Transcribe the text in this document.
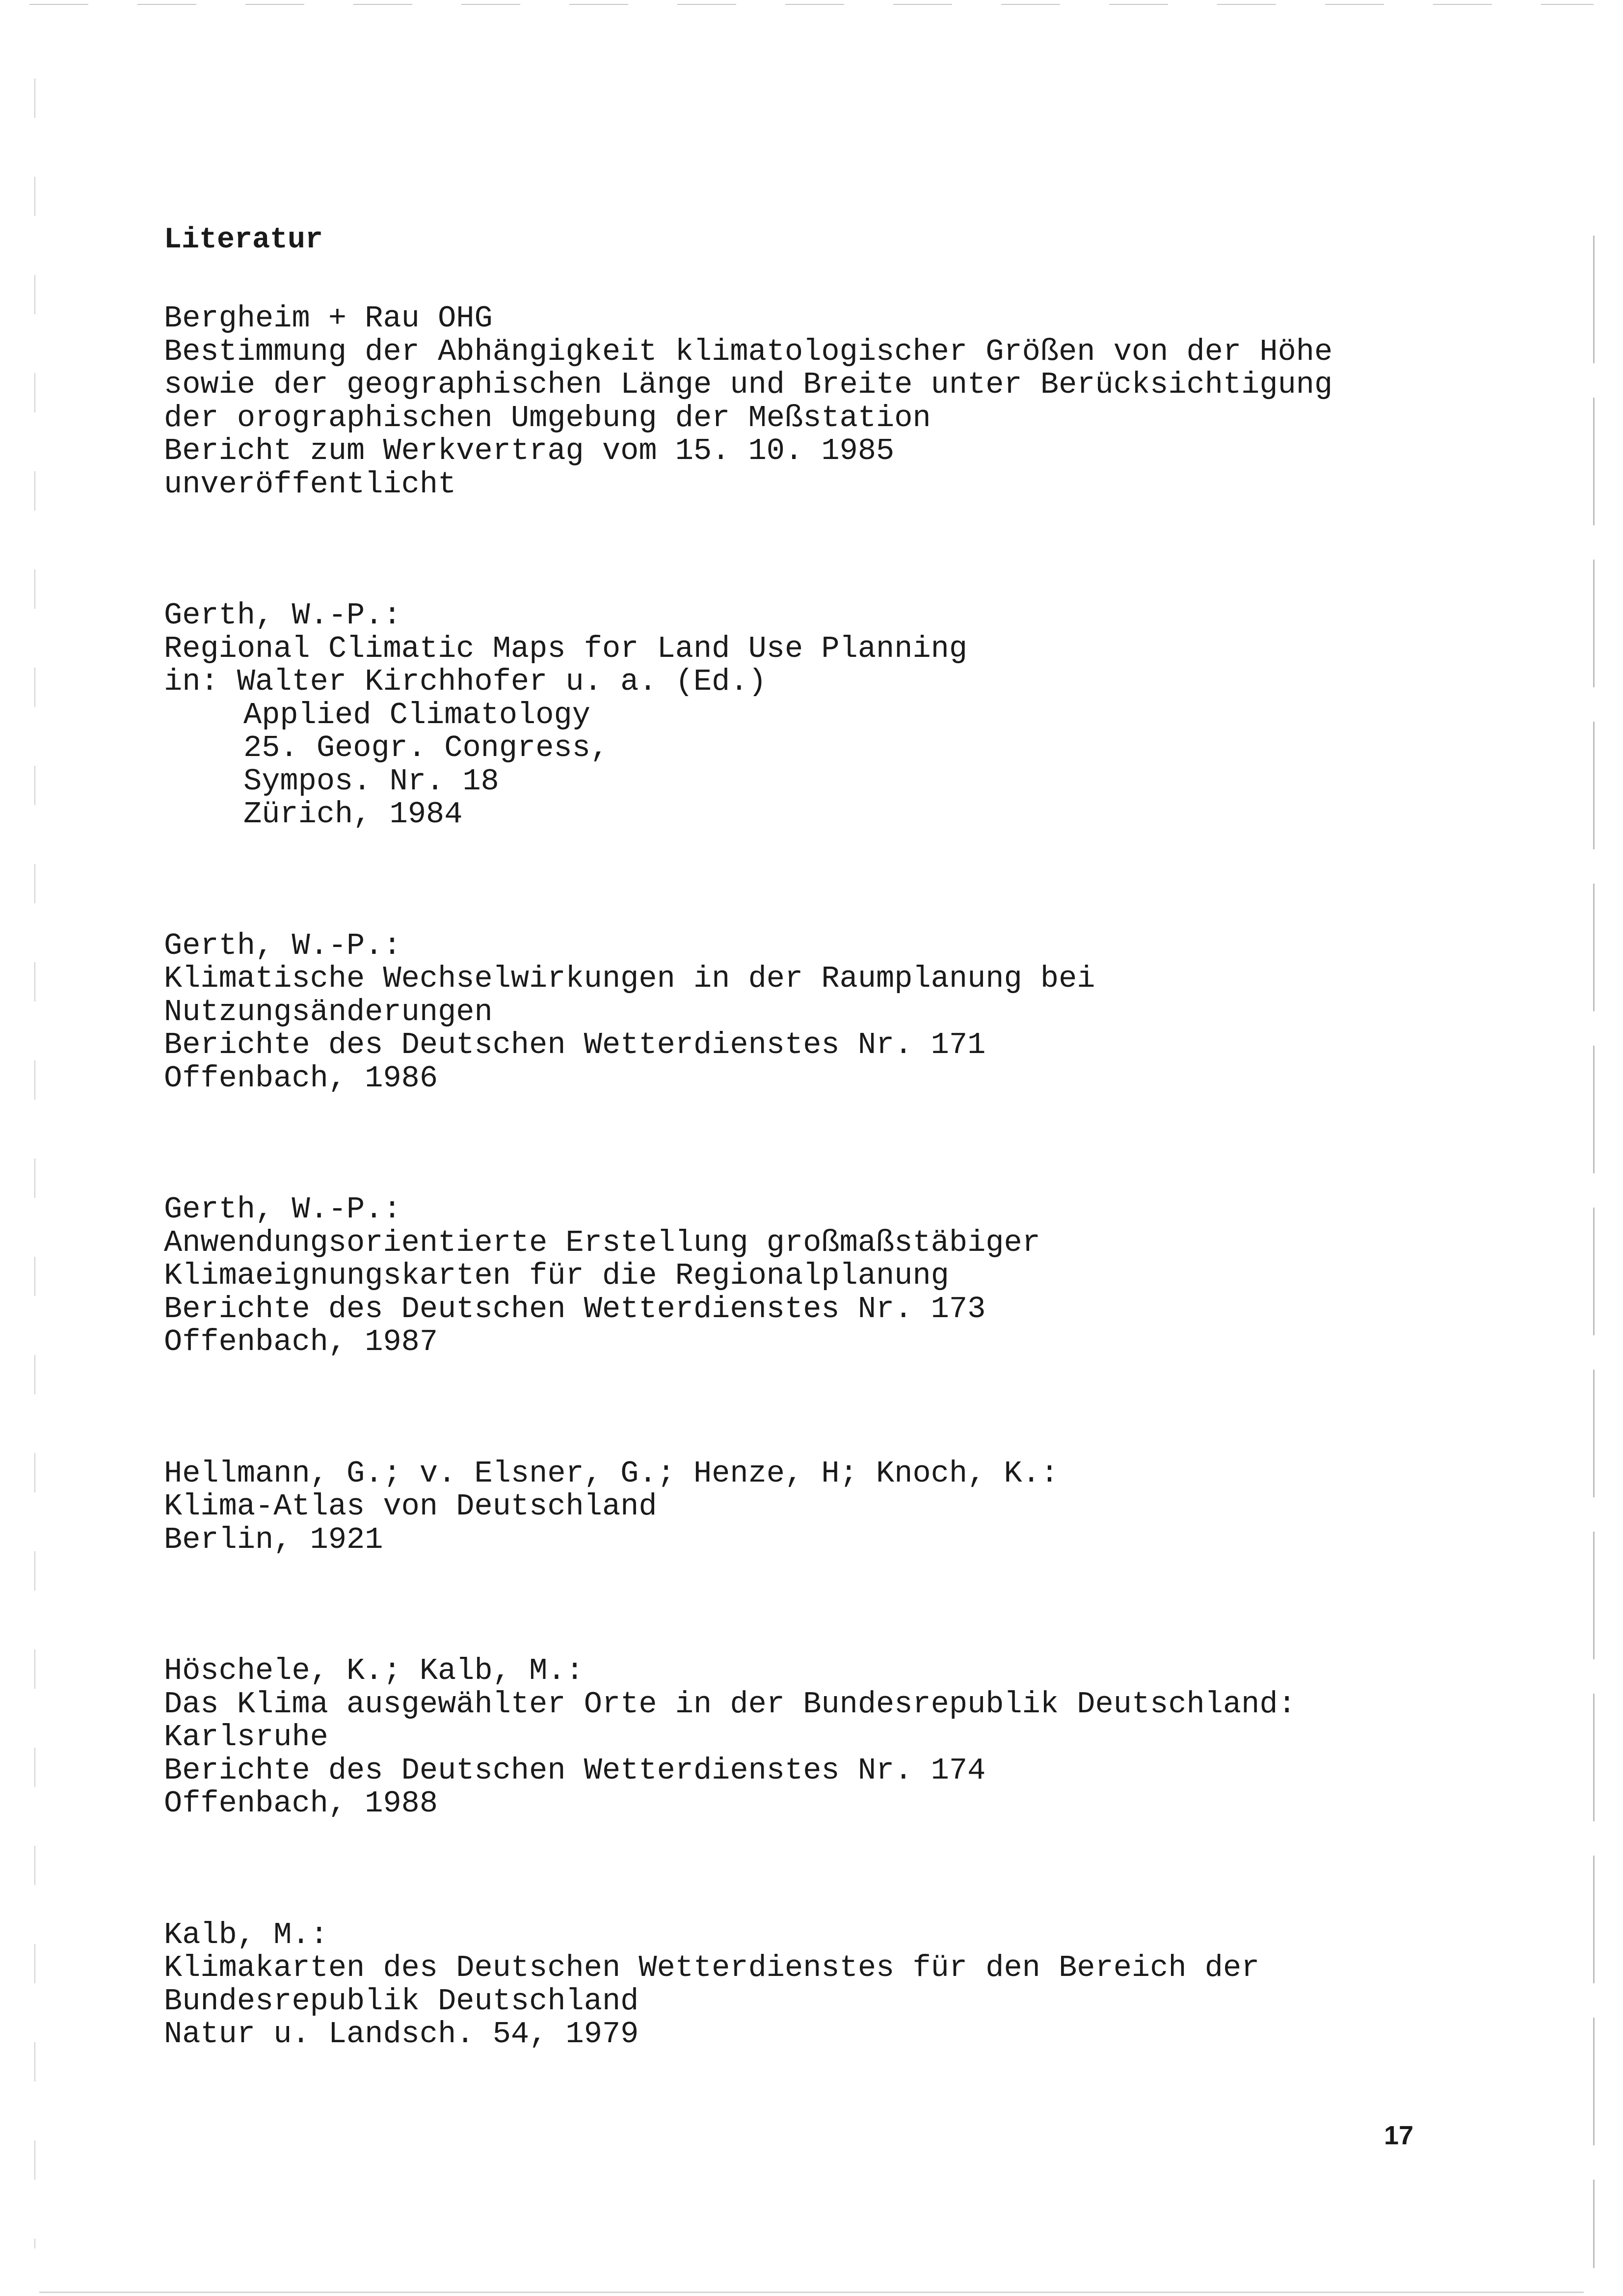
Literatur
Bergheim + Rau OHG
Bestimmung der Abhängigkeit klimatologischer Größen von der Höhe
sowie der geographischen Länge und Breite unter Berücksichtigung
der orographischen Umgebung der Meßstation
Bericht zum Werkvertrag vom 15. 10. 1985
unveröffentlicht
Gerth, W.-P.:
Regional Climatic Maps for Land Use Planning
in: Walter Kirchhofer u. a. (Ed.)
Applied Climatology
25. Geogr. Congress,
Sympos. Nr. 18
Zürich, 1984
Gerth, W.-P.:
Klimatische Wechselwirkungen in der Raumplanung bei
Nutzungsänderungen
Berichte des Deutschen Wetterdienstes Nr. 171
Offenbach, 1986
Gerth, W.-P.:
Anwendungsorientierte Erstellung großmaßstäbiger
Klimaeignungskarten für die Regionalplanung
Berichte des Deutschen Wetterdienstes Nr. 173
Offenbach, 1987
Hellmann, G.; v. Elsner, G.; Henze, H; Knoch, K.:
Klima-Atlas von Deutschland
Berlin, 1921
Höschele, K.; Kalb, M.:
Das Klima ausgewählter Orte in der Bundesrepublik Deutschland:
Karlsruhe
Berichte des Deutschen Wetterdienstes Nr. 174
Offenbach, 1988
Kalb, M.:
Klimakarten des Deutschen Wetterdienstes für den Bereich der
Bundesrepublik Deutschland
Natur u. Landsch. 54, 1979
17
